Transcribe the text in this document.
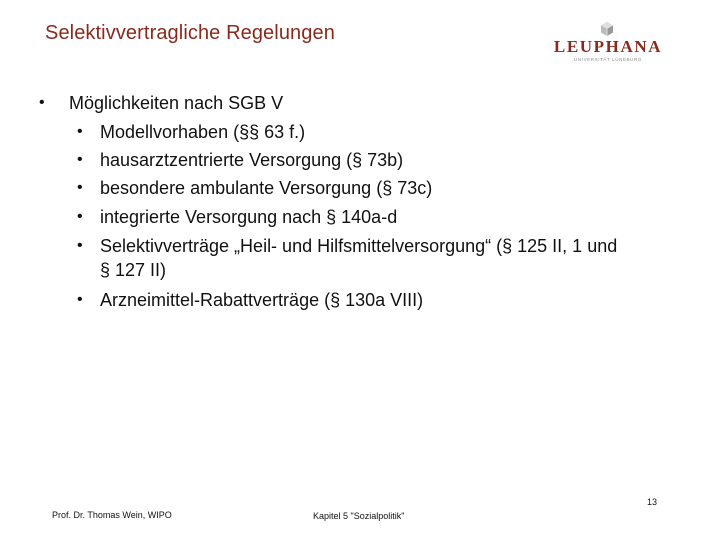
Selektivvertragliche Regelungen
LEUPHANA
UNIVERSITÄT LÜNEBURG
• Möglichkeiten nach SGB V
• Modellvorhaben (§§ 63 f.)
• hausarztzentrierte Versorgung (§ 73b)
• besondere ambulante Versorgung (§ 73c)
• integrierte Versorgung nach § 140a-d
• Selektivverträge „Heil- und Hilfsmittelversorgung“ (§ 125 II, 1 und
§ 127 II)
• Arzneimittel-Rabattverträge (§ 130a VIII)
13
Prof. Dr. Thomas Wein, WIPO	Kapitel 5 "Sozialpolitik"
